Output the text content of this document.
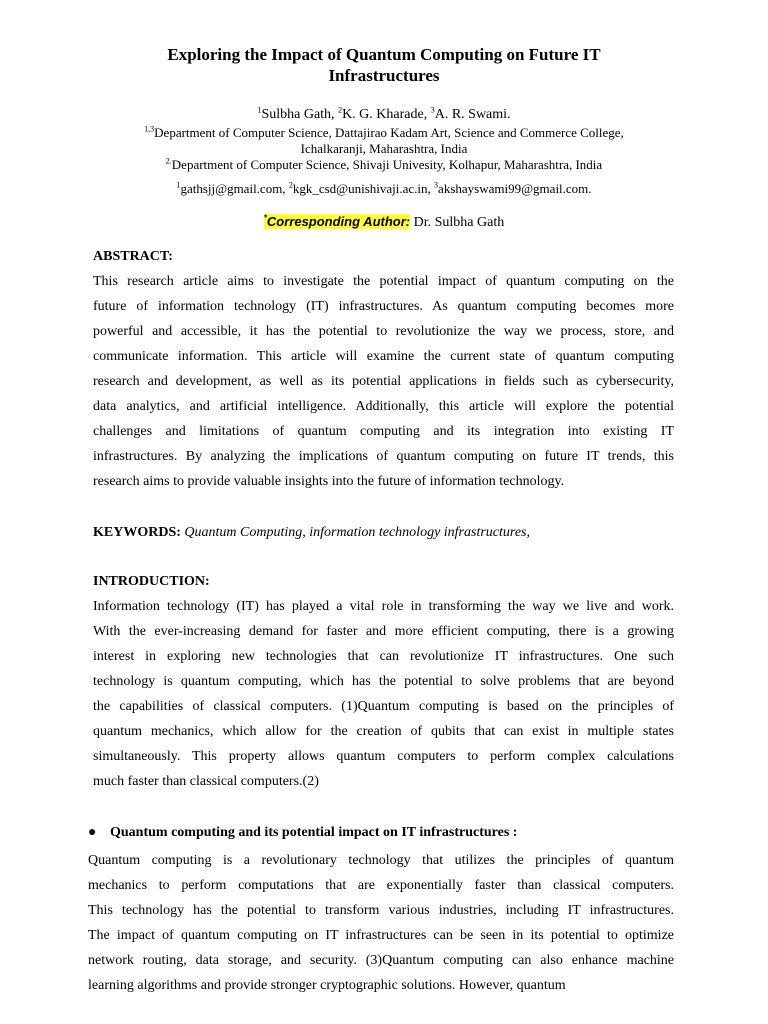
Exploring the Impact of Quantum Computing on Future IT
Infrastructures
$^1$Sulbha Gath, $^2$K. G. Kharade, $^3$A. R. Swami.
$^{1,3}$Department of Computer Science, Dattajirao Kadam Art, Science and Commerce College,
Ichalkaranji, Maharashtra, India
$^{2.}$Department of Computer Science, Shivaji Univesity, Kolhapur, Maharashtra, India
$^1$gathsjj@gmail.com, $^2$kgk_csd@unishivaji.ac.in, $^3$akshayswami99@gmail.com.
*Corresponding Author: Dr. Sulbha Gath
ABSTRACT:
This research article aims to investigate the potential impact of quantum computing on the
future of information technology (IT) infrastructures. As quantum computing becomes more
powerful and accessible, it has the potential to revolutionize the way we process, store, and
communicate information. This article will examine the current state of quantum computing
research and development, as well as its potential applications in fields such as cybersecurity,
data analytics, and artificial intelligence. Additionally, this article will explore the potential
challenges and limitations of quantum computing and its integration into existing IT
infrastructures. By analyzing the implications of quantum computing on future IT trends, this
research aims to provide valuable insights into the future of information technology.
KEYWORDS: Quantum Computing, information technology infrastructures,
INTRODUCTION:
Information technology (IT) has played a vital role in transforming the way we live and work.
With the ever-increasing demand for faster and more efficient computing, there is a growing
interest in exploring new technologies that can revolutionize IT infrastructures. One such
technology is quantum computing, which has the potential to solve problems that are beyond
the capabilities of classical computers. (1)Quantum computing is based on the principles of
quantum mechanics, which allow for the creation of qubits that can exist in multiple states
simultaneously. This property allows quantum computers to perform complex calculations
much faster than classical computers.(2)
● Quantum computing and its potential impact on IT infrastructures :
Quantum computing is a revolutionary technology that utilizes the principles of quantum
mechanics to perform computations that are exponentially faster than classical computers.
This technology has the potential to transform various industries, including IT infrastructures.
The impact of quantum computing on IT infrastructures can be seen in its potential to optimize
network routing, data storage, and security. (3)Quantum computing can also enhance machine
learning algorithms and provide stronger cryptographic solutions. However, quantum
